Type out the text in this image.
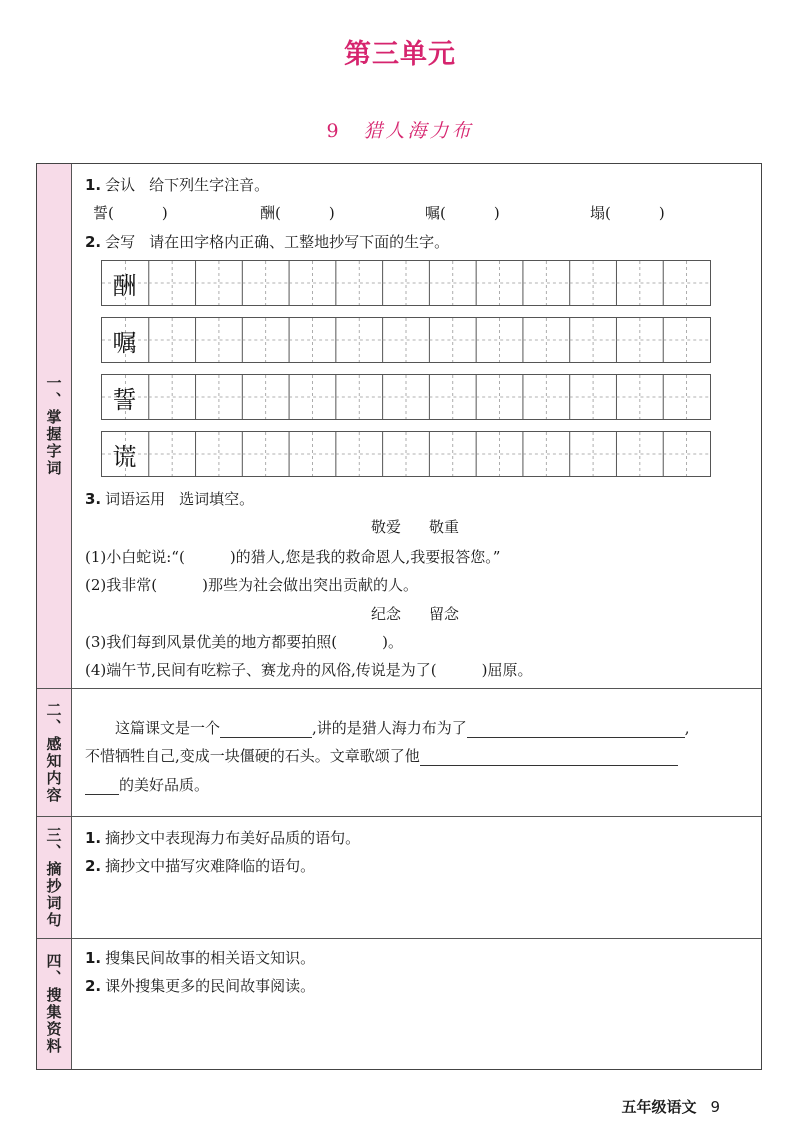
第三单元
9 猎人海力布
一、掌握字词
1. 会认 给下列生字注音。
誓(	)	酬(	)	嘱(	)	塌(	)
2. 会写 请在田字格内正确、工整地抄写下面的生字。
酬
嘱
誓
谎
3. 词语运用 选词填空。
敬爱 敬重
(1)小白蛇说:“(　　　)的猎人,您是我的救命恩人,我要报答您。”
(2)我非常(　　　)那些为社会做出突出贡献的人。
纪念 留念
(3)我们每到风景优美的地方都要拍照(　　　)。
(4)端午节,民间有吃粽子、赛龙舟的风俗,传说是为了(　　　)屈原。
二、感知内容	这篇课文是一个	,讲的是猎人海力布为了	,
不惜牺牲自己,变成一块僵硬的石头。文章歌颂了他
的美好品质。
三、摘抄词句 1. 摘抄文中表现海力布美好品质的语句。
2. 摘抄文中描写灾难降临的语句。
四、搜集资料 1. 搜集民间故事的相关语文知识。
2. 课外搜集更多的民间故事阅读。
五年级语文 9
